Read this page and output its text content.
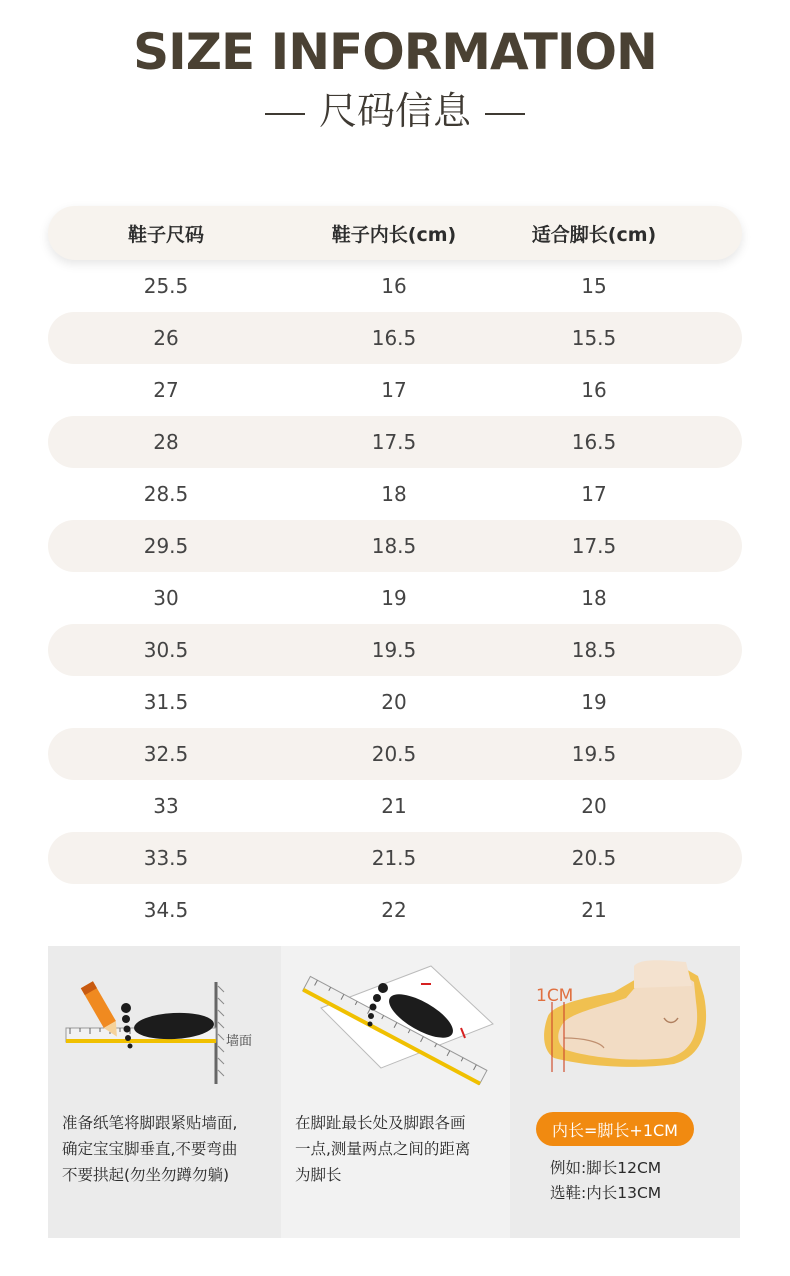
SIZE INFORMATION
尺码信息
鞋子尺码	鞋子内长(cm)	适合脚长(cm)
25.5	16	15
26	16.5	15.5
27	17	16
28	17.5	16.5
28.5	18	17
29.5	18.5	17.5
30	19	18
30.5	19.5	18.5
31.5	20	19
32.5	20.5	19.5
33	21	20
33.5	21.5	20.5
34.5	22	21
墙面
准备纸笔将脚跟紧贴墙面,
确定宝宝脚垂直,不要弯曲
不要拱起(勿坐勿蹲勿躺)
在脚趾最长处及脚跟各画
一点,测量两点之间的距离
为脚长
1CM
内长=脚长+1CM
例如:脚长12CM
选鞋:内长13CM
